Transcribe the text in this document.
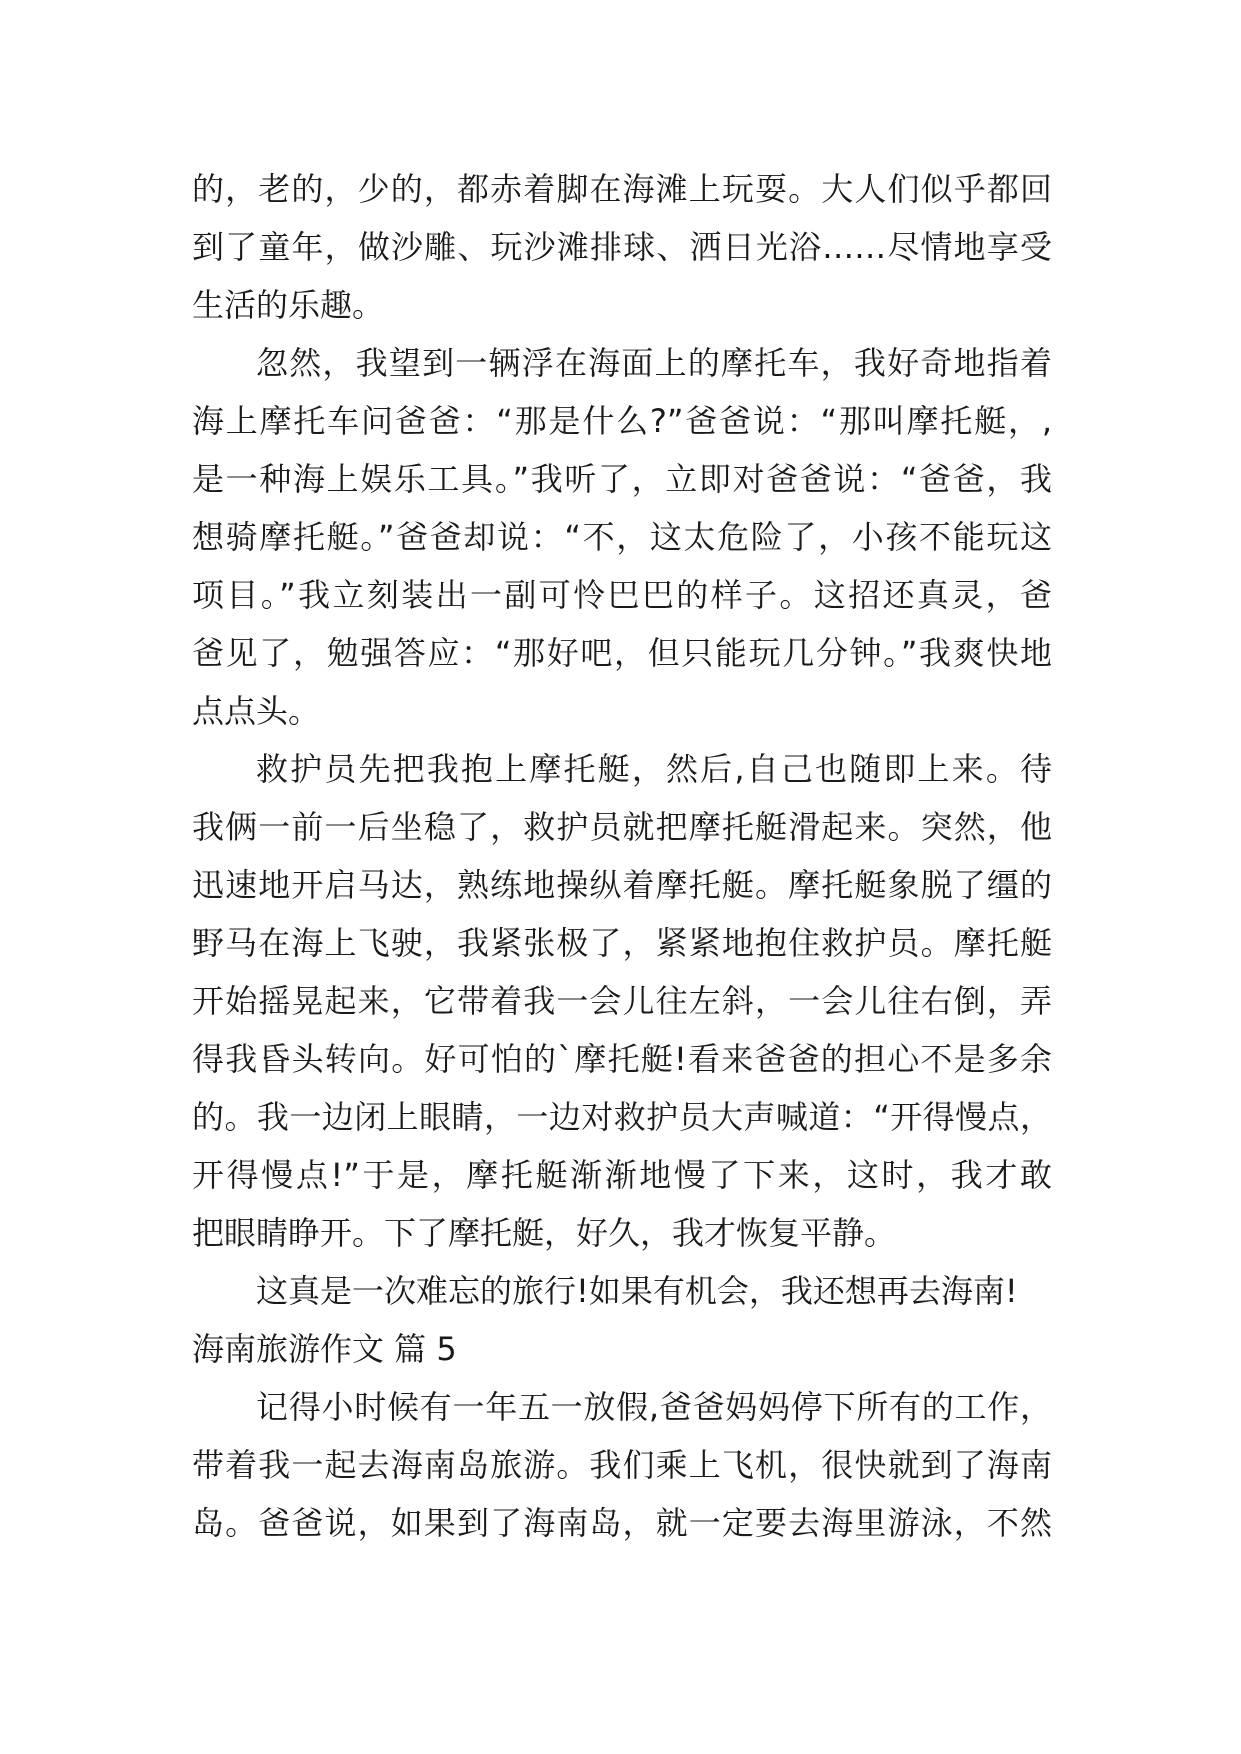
的，老的，少的，都赤着脚在海滩上玩耍。大人们似乎都回
到了童年，做沙雕、玩沙滩排球、洒日光浴……尽情地享受
生活的乐趣。
忽然，我望到一辆浮在海面上的摩托车，我好奇地指着
海上摩托车问爸爸：“那是什么?”爸爸说：“那叫摩托艇，,
是一种海上娱乐工具。”我听了，立即对爸爸说：“爸爸，我
想骑摩托艇。”爸爸却说：“不，这太危险了，小孩不能玩这
项目。”我立刻装出一副可怜巴巴的样子。这招还真灵，爸
爸见了，勉强答应：“那好吧，但只能玩几分钟。”我爽快地
点点头。
救护员先把我抱上摩托艇，然后,自己也随即上来。待
我俩一前一后坐稳了，救护员就把摩托艇滑起来。突然，他
迅速地开启马达，熟练地操纵着摩托艇。摩托艇象脱了缰的
野马在海上飞驶，我紧张极了，紧紧地抱住救护员。摩托艇
开始摇晃起来，它带着我一会儿往左斜，一会儿往右倒，弄
得我昏头转向。好可怕的`摩托艇!看来爸爸的担心不是多余
的。我一边闭上眼睛，一边对救护员大声喊道：“开得慢点，
开得慢点!”于是，摩托艇渐渐地慢了下来，这时，我才敢
把眼睛睁开。下了摩托艇，好久，我才恢复平静。
这真是一次难忘的旅行!如果有机会，我还想再去海南!
海南旅游作文 篇 5
记得小时候有一年五一放假,爸爸妈妈停下所有的工作，
带着我一起去海南岛旅游。我们乘上飞机，很快就到了海南
岛。爸爸说，如果到了海南岛，就一定要去海里游泳，不然
